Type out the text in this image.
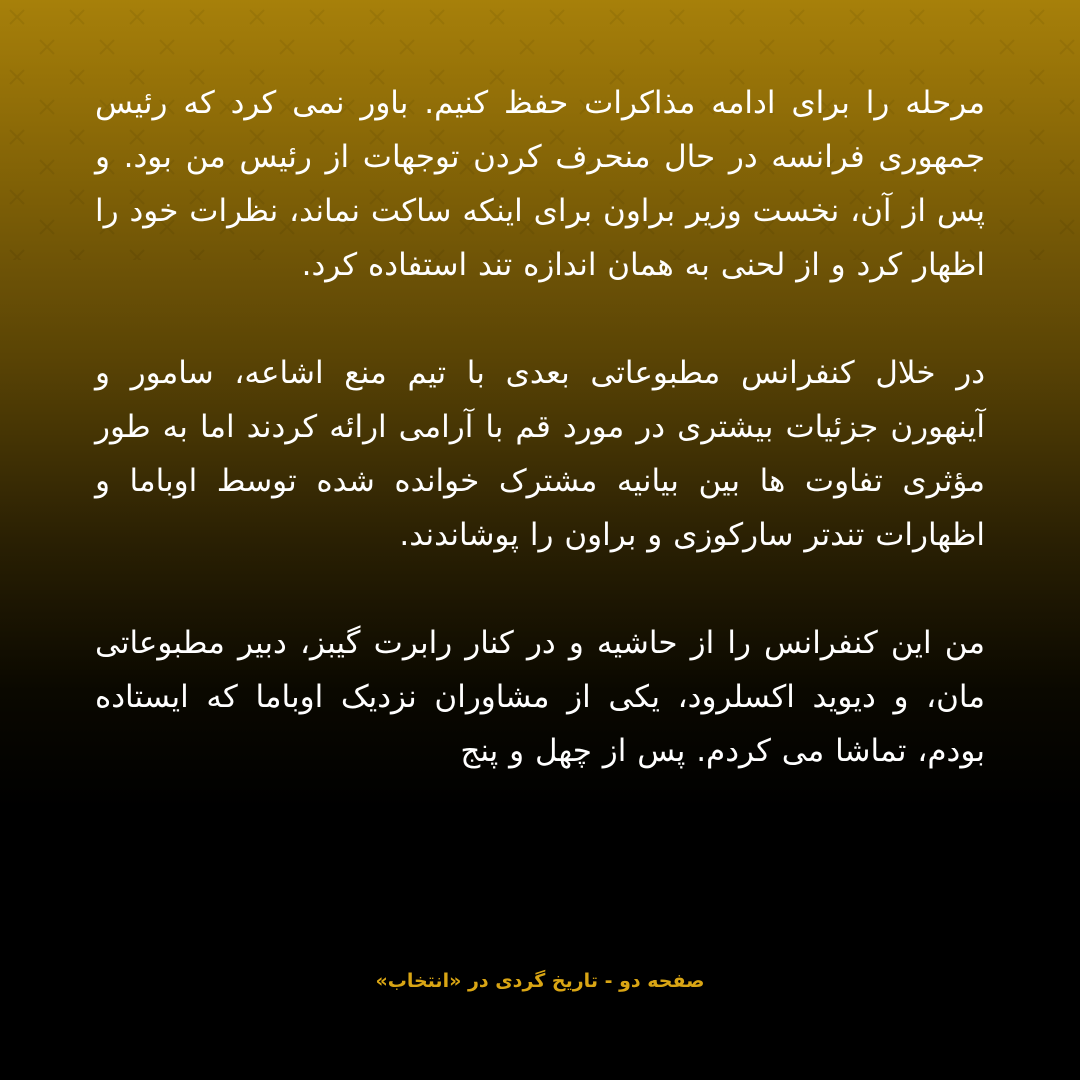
مرحله را برای ادامه مذاکرات حفظ کنیم. باور نمی کرد که رئیس جمهوری فرانسه در حال منحرف کردن توجهات از رئیس من بود. و پس از آن، نخست وزیر براون برای اینکه ساکت نماند، نظرات خود را اظهار کرد و از لحنی به همان اندازه تند استفاده کرد.

در خلال کنفرانس مطبوعاتی بعدی با تیم منع اشاعه، سامور و آینهورن جزئیات بیشتری در مورد قم با آرامی ارائه کردند اما به طور مؤثری تفاوت ها بین بیانیه مشترک خوانده شده توسط اوباما و اظهارات تندتر سارکوزی و براون را پوشاندند.

من این کنفرانس را از حاشیه و در کنار رابرت گیبز، دبیر مطبوعاتی مان، و دیوید اکسلرود، یکی از مشاوران نزدیک اوباما که ایستاده بودم، تماشا می کردم. پس از چهل و پنج

صفحه دو - تاریخ گردی در «انتخاب»
